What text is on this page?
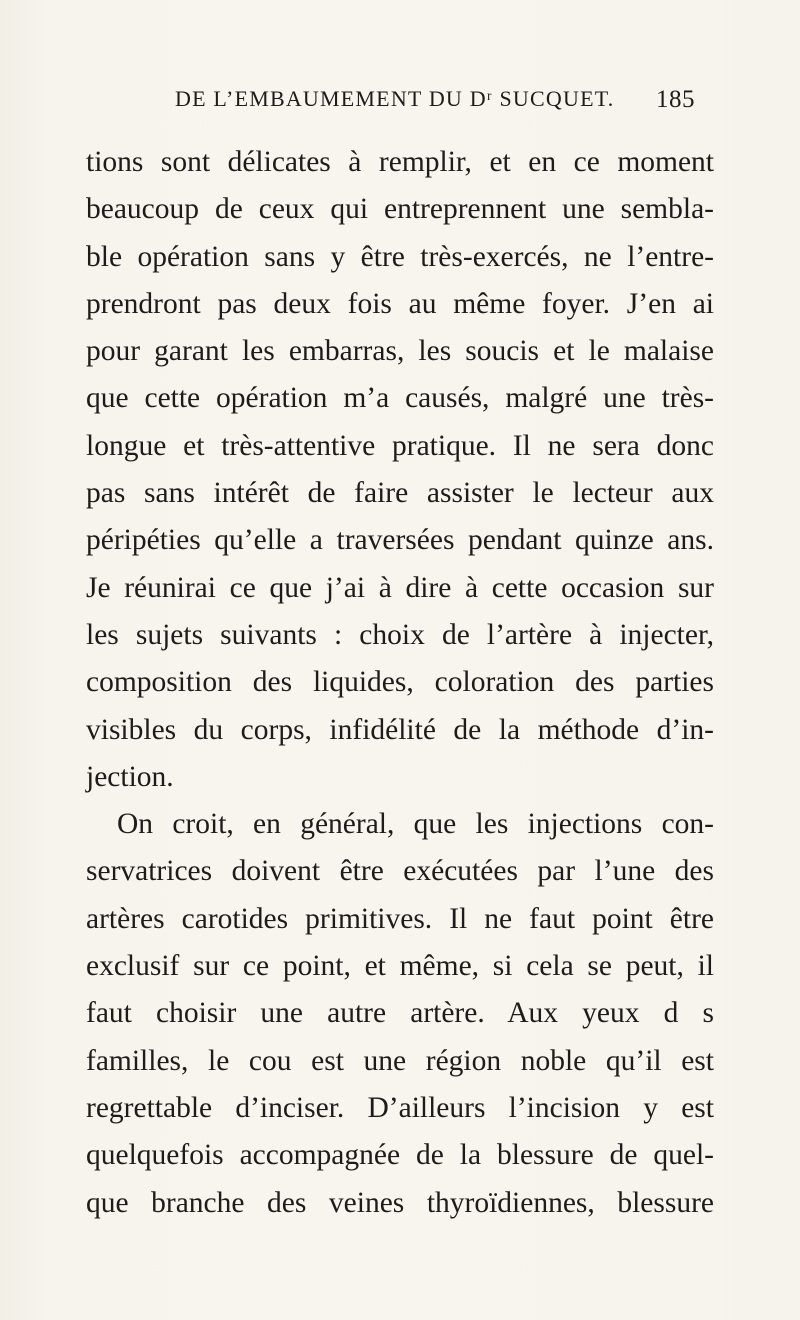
DE L’EMBAUMEMENT DU Dʳ SUCQUET. 185
tions sont délicates à remplir, et en ce moment
beaucoup de ceux qui entreprennent une sembla-
ble opération sans y être très-exercés, ne l’entre-
prendront pas deux fois au même foyer. J’en ai
pour garant les embarras, les soucis et le malaise
que cette opération m’a causés, malgré une très-
longue et très-attentive pratique. Il ne sera donc
pas sans intérêt de faire assister le lecteur aux
péripéties qu’elle a traversées pendant quinze ans.
Je réunirai ce que j’ai à dire à cette occasion sur
les sujets suivants : choix de l’artère à injecter,
composition des liquides, coloration des parties
visibles du corps, infidélité de la méthode d’in-
jection.
On croit, en général, que les injections con-
servatrices doivent être exécutées par l’une des
artères carotides primitives. Il ne faut point être
exclusif sur ce point, et même, si cela se peut, il
faut choisir une autre artère. Aux yeux d s
familles, le cou est une région noble qu’il est
regrettable d’inciser. D’ailleurs l’incision y est
quelquefois accompagnée de la blessure de quel-
que branche des veines thyroïdiennes, blessure
